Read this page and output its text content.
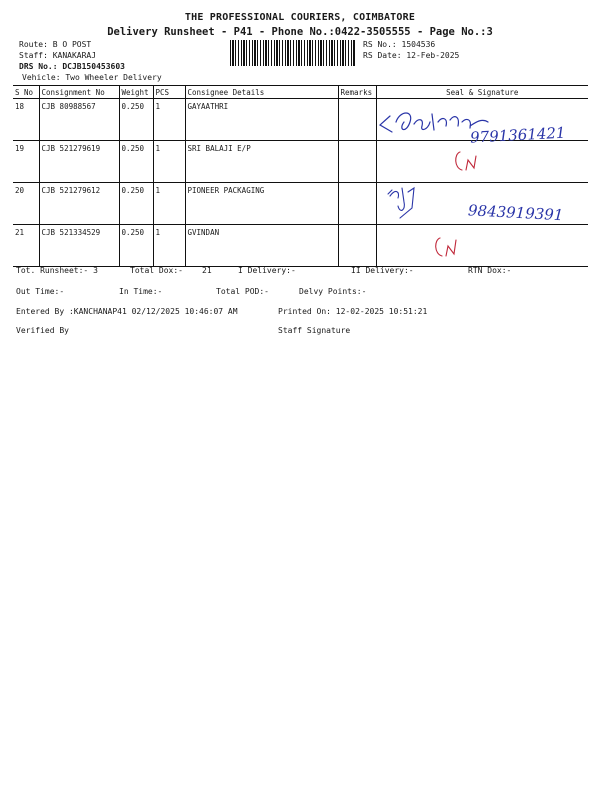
THE PROFESSIONAL COURIERS, COIMBATORE
Delivery Runsheet - P41 - Phone No.:0422-3505555 - Page No.:3
Route: B O POST
Staff: KANAKARAJ
DRS No.: DCJB150453603
Vehicle: Two Wheeler Delivery
RS No.: 1504536
RS Date: 12-Feb-2025
S No	Consignment No	Weight	PCS	Consignee Details	Remarks	Seal & Signature
18	CJB 80988567	0.250	1	GAYAATHRI		
19	CJB 521279619	0.250	1	SRI BALAJI E/P		
20	CJB 521279612	0.250	1	PIONEER PACKAGING		
21	CJB 521334529	0.250	1	GVINDAN		
9791361421
9843919391
Tot. Runsheet:- 3	Total Dox:- 21	I Delivery:-	II Delivery:-	RTN Dox:-
Out Time:-	In Time:-	Total POD:-	Delvy Points:-
Entered By :KANCHANAP41 02/12/2025 10:46:07 AM	Printed On: 12-02-2025 10:51:21
Verified By	Staff Signature
